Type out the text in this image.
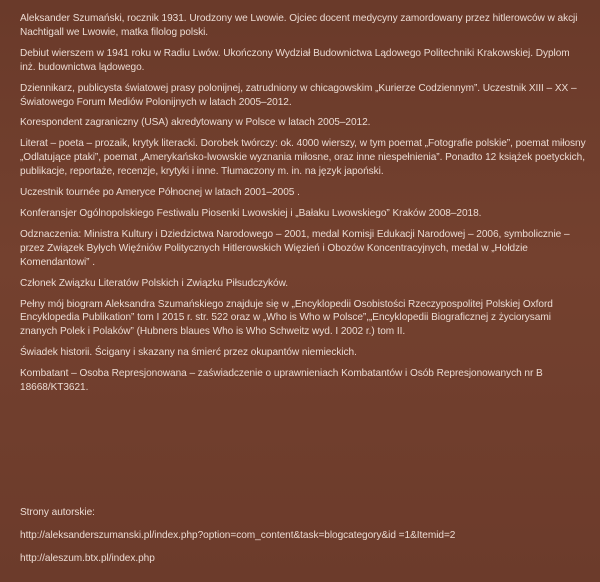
Aleksander Szumański, rocznik 1931. Urodzony we Lwowie. Ojciec docent medycyny zamordowany przez hitlerowców w akcji Nachtigall we Lwowie, matka filolog polski.

Debiut wierszem w 1941 roku w Radiu Lwów. Ukończony Wydział Budownictwa Lądowego Politechniki Krakowskiej. Dyplom inż. budownictwa lądowego.

Dziennikarz, publicysta światowej prasy polonijnej, zatrudniony w chicagowskim „Kurierze Codziennym”. Uczestnik XIII – XX – Światowego Forum Mediów Polonijnych w latach 2005–2012.

Korespondent zagraniczny (USA) akredytowany w Polsce w latach 2005–2012.

Literat – poeta – prozaik, krytyk literacki. Dorobek twórczy: ok. 4000 wierszy, w tym poemat „Fotografie polskie”, poemat miłosny „Odlatujące ptaki”, poemat „Amerykańsko-lwowskie wyznania miłosne, oraz inne niespełnienia”. Ponadto 12 książek poetyckich, publikacje, reportaże, recenzje, krytyki i inne. Tłumaczony m. in. na język japoński.

Uczestnik tournée po Ameryce Północnej w latach 2001–2005 .

Konferansjer Ogólnopolskiego Festiwalu Piosenki Lwowskiej i „Bałaku Lwowskiego” Kraków 2008–2018.

Odznaczenia: Ministra Kultury i Dziedzictwa Narodowego – 2001, medal Komisji Edukacji Narodowej – 2006, symbolicznie – przez Związek Byłych Więźniów Politycznych Hitlerowskich Więzień i Obozów Koncentracyjnych, medal w „Hołdzie Komendantowi” .

Członek Związku Literatów Polskich i Związku Piłsudczyków.

Pełny mój biogram Aleksandra Szumańskiego znajduje się w „Encyklopedii Osobistości Rzeczypospolitej Polskiej Oxford Encyklopedia Publikation” tom I 2015 r. str. 522 oraz w „Who is Who w Polsce”,„Encyklopedii Biograficznej z życiorysami znanych Polek i Polaków” (Hubners blaues Who is Who Schweitz wyd. I 2002 r.) tom II.

Świadek historii. Ścigany i skazany na śmierć przez okupantów niemieckich.

Kombatant – Osoba Represjonowana – zaświadczenie o uprawnieniach Kombatantów i Osób Represjonowanych nr B 18668/KT3621.

Strony autorskie:
http://aleksanderszumanski.pl/index.php?option=com_content&task=blogcategory&id =1&Itemid=2
http://aleszum.btx.pl/index.php
